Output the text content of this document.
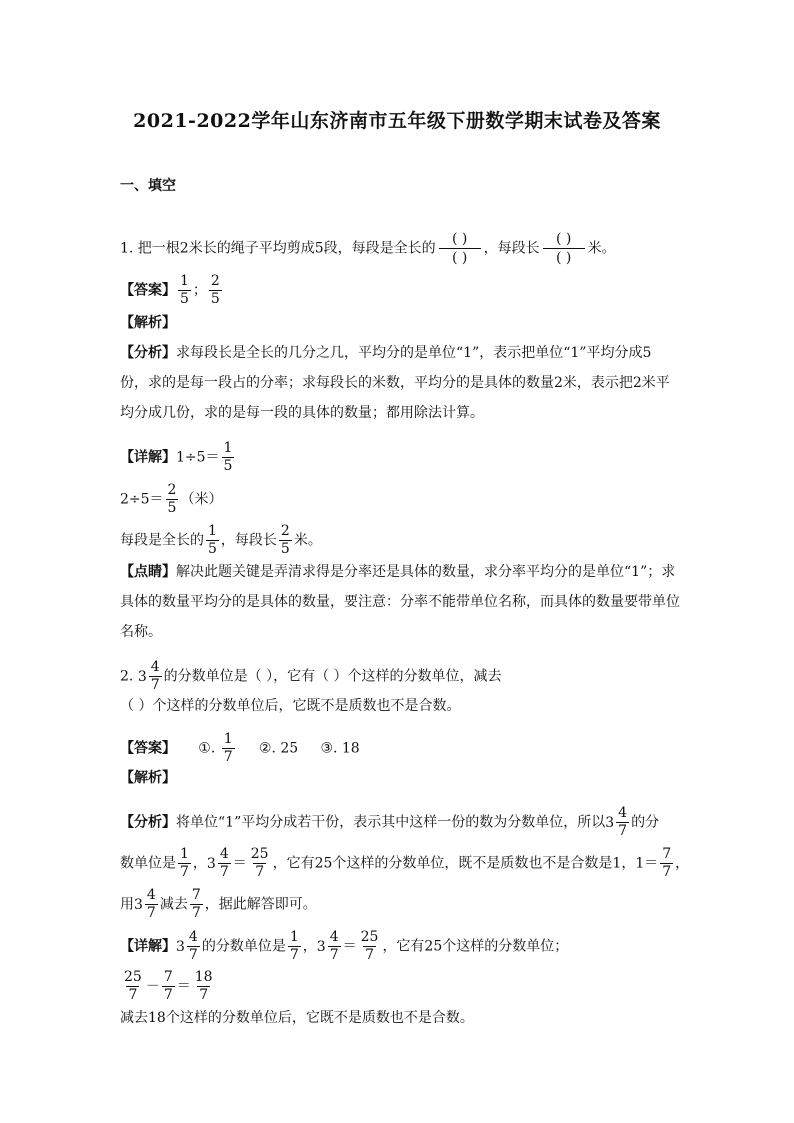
2021-2022学年山东济南市五年级下册数学期末试卷及答案
一、填空
1. 把一根2米长的绳子平均剪成5段，每段是全长的
( )
( )
，每段长
( )
( )
米。
【答案】 $\frac{1}{5}$ ； $\frac{2}{5}$
【解析】
【分析】求每段长是全长的几分之几，平均分的是单位“1”，表示把单位“1”平均分成5
份，求的是每一段占的分率；求每段长的米数，平均分的是具体的数量2米，表示把2米平
均分成几份，求的是每一段的具体的数量；都用除法计算。
【详解】$1\div 5= \frac{1}{5}$
$2\div 5= \frac{2}{5}$ （米）
每段是全长的 $\frac{1}{5}$ ，每段长 $\frac{2}{5}$ 米。
【点睛】解决此题关键是弄清求得是分率还是具体的数量，求分率平均分的是单位“1”；求
具体的数量平均分的是具体的数量，要注意：分率不能带单位名称，而具体的数量要带单位
名称。
2. $3 \frac{4}{7}$ 的分数单位是（ ），它有（ ）个这样的分数单位，减去
（ ）个这样的分数单位后，它既不是质数也不是合数。
【答案】 ①. $\frac{1}{7}$ ②. 25 ③. 18
【解析】
【分析】将单位“1”平均分成若干份，表示其中这样一份的数为分数单位，所以 $3 \frac{4}{7}$ 的分
数单位是 $\frac{1}{7}$ ， $3 \frac{4}{7} = \frac{25}{7}$ ，它有25个这样的分数单位，既不是质数也不是合数是1，$1= \frac{7}{7}$ ，
用 $3 \frac{4}{7}$ 减去 $\frac{7}{7}$ ，据此解答即可。
【详解】 $3 \frac{4}{7}$ 的分数单位是 $\frac{1}{7}$ ， $3 \frac{4}{7} = \frac{25}{7}$ ，它有25个这样的分数单位；
$\frac{25}{7} - \frac{7}{7} = \frac{18}{7}$
减去18个这样的分数单位后，它既不是质数也不是合数。
